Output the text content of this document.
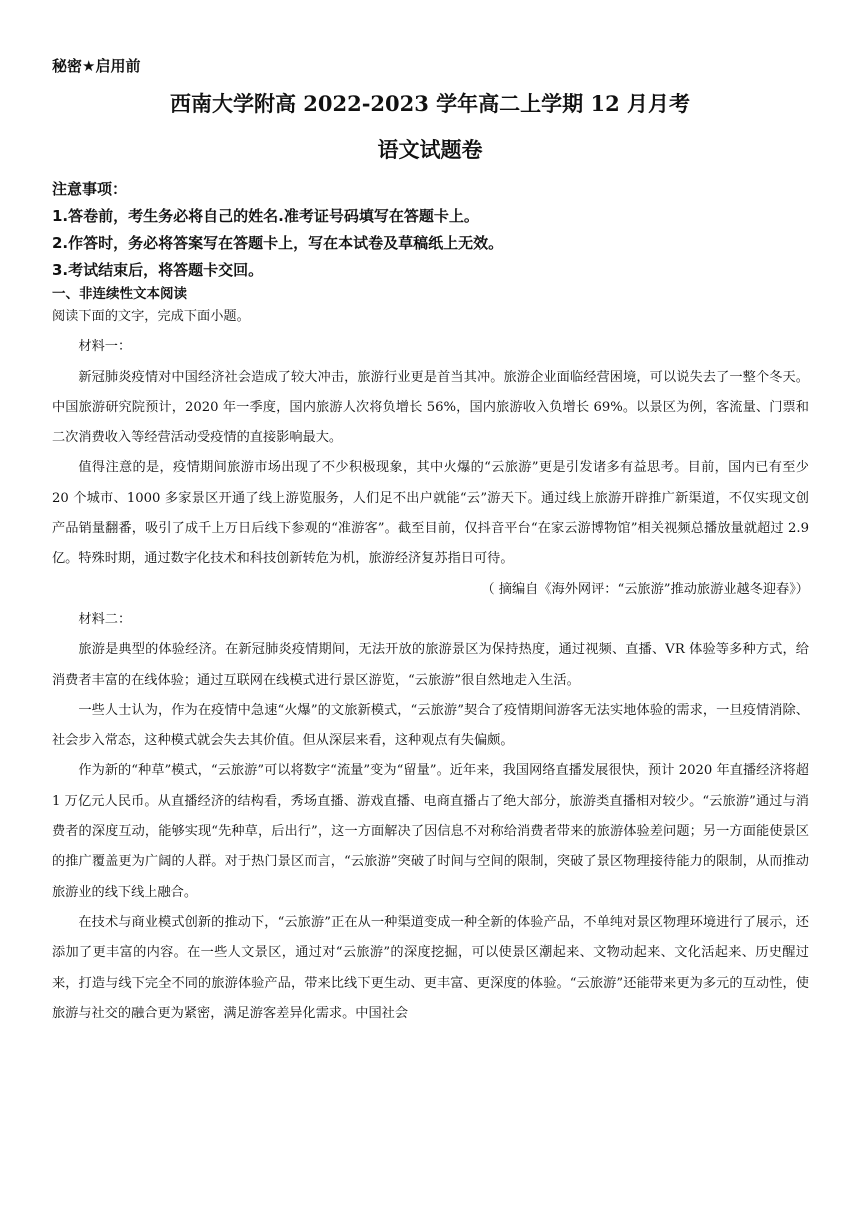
秘密★启用前
西南大学附高 2022-2023 学年高二上学期 12 月月考
语文试题卷
注意事项：
1.答卷前，考生务必将自己的姓名.准考证号码填写在答题卡上。
2.作答时，务必将答案写在答题卡上，写在本试卷及草稿纸上无效。
3.考试结束后，将答题卡交回。
一、非连续性文本阅读

阅读下面的文字，完成下面小题。

材料一：

新冠肺炎疫情对中国经济社会造成了较大冲击，旅游行业更是首当其冲。旅游企业面临经营困境，可以说失去了一整个冬天。中国旅游研究院预计，2020 年一季度，国内旅游人次将负增长 56%，国内旅游收入负增长 69%。以景区为例，客流量、门票和二次消费收入等经营活动受疫情的直接影响最大。

值得注意的是，疫情期间旅游市场出现了不少积极现象，其中火爆的“云旅游”更是引发诸多有益思考。目前，国内已有至少 20 个城市、1000 多家景区开通了线上游览服务，人们足不出户就能“云”游天下。通过线上旅游开辟推广新渠道，不仅实现文创产品销量翻番，吸引了成千上万日后线下参观的“准游客”。截至目前，仅抖音平台“在家云游博物馆”相关视频总播放量就超过 2.9 亿。特殊时期，通过数字化技术和科技创新转危为机，旅游经济复苏指日可待。

（ 摘编自《海外网评：“云旅游”推动旅游业越冬迎春》）

材料二：

旅游是典型的体验经济。在新冠肺炎疫情期间，无法开放的旅游景区为保持热度，通过视频、直播、VR 体验等多种方式，给消费者丰富的在线体验；通过互联网在线模式进行景区游览，“云旅游”很自然地走入生活。

一些人士认为，作为在疫情中急速“火爆”的文旅新模式，“云旅游”契合了疫情期间游客无法实地体验的需求，一旦疫情消除、社会步入常态，这种模式就会失去其价值。但从深层来看，这种观点有失偏颇。

作为新的“种草”模式，“云旅游”可以将数字“流量”变为“留量”。近年来，我国网络直播发展很快，预计 2020 年直播经济将超 1 万亿元人民币。从直播经济的结构看，秀场直播、游戏直播、电商直播占了绝大部分，旅游类直播相对较少。“云旅游”通过与消费者的深度互动，能够实现“先种草，后出行”，这一方面解决了因信息不对称给消费者带来的旅游体验差问题；另一方面能使景区的推广覆盖更为广阔的人群。对于热门景区而言，“云旅游”突破了时间与空间的限制，突破了景区物理接待能力的限制，从而推动旅游业的线下线上融合。

在技术与商业模式创新的推动下，“云旅游”正在从一种渠道变成一种全新的体验产品，不单纯对景区物理环境进行了展示，还添加了更丰富的内容。在一些人文景区，通过对“云旅游”的深度挖掘，可以使景区潮起来、文物动起来、文化活起来、历史醒过来，打造与线下完全不同的旅游体验产品，带来比线下更生动、更丰富、更深度的体验。“云旅游”还能带来更为多元的互动性，使旅游与社交的融合更为紧密，满足游客差异化需求。中国社会
